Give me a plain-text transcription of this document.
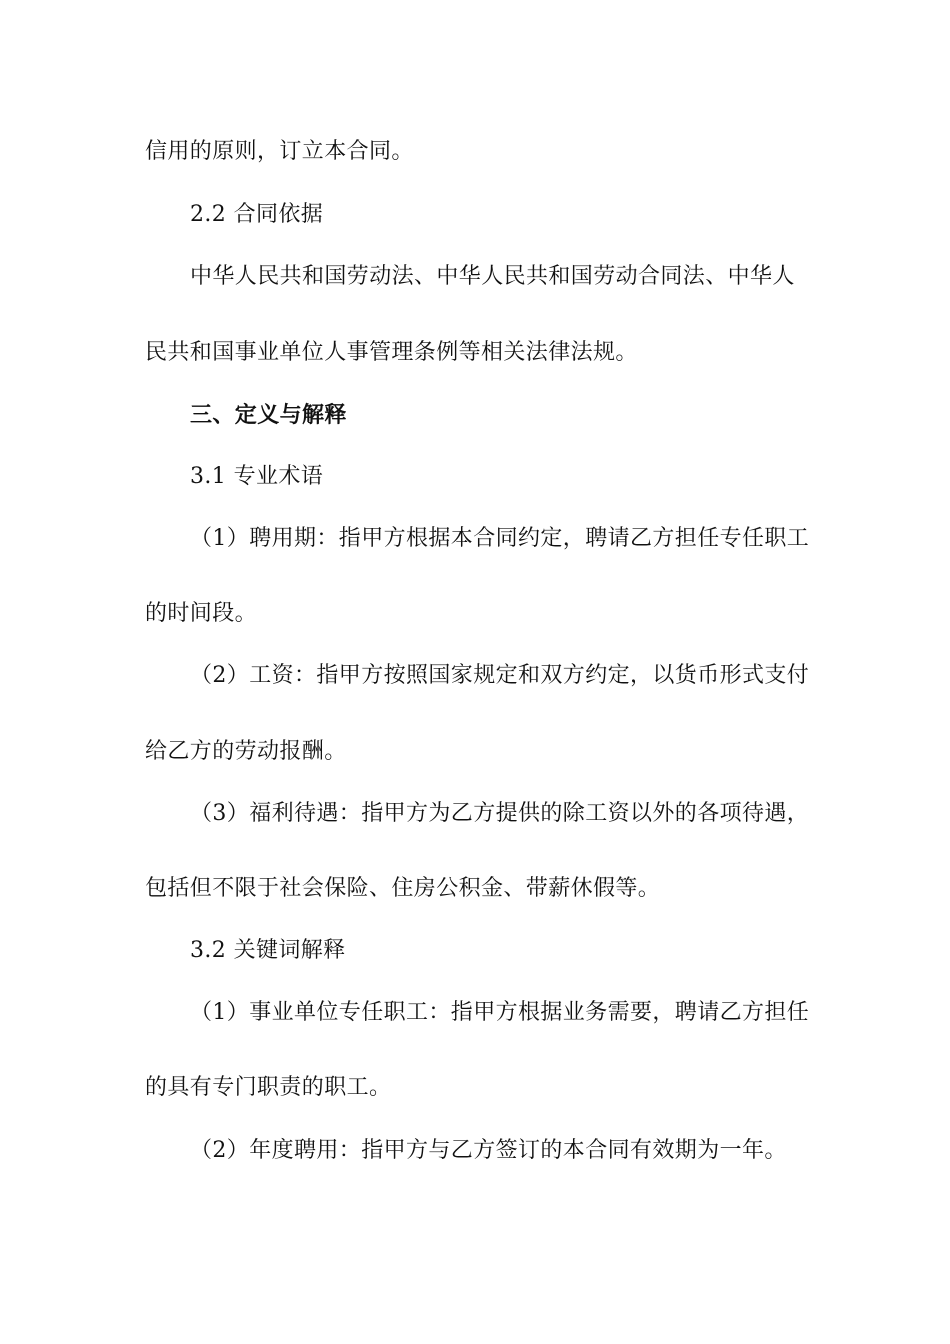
信用的原则，订立本合同。
2.2 合同依据
中华人民共和国劳动法、中华人民共和国劳动合同法、中华人
民共和国事业单位人事管理条例等相关法律法规。
三、定义与解释
3.1 专业术语
（1）聘用期：指甲方根据本合同约定，聘请乙方担任专任职工
的时间段。
（2）工资：指甲方按照国家规定和双方约定，以货币形式支付
给乙方的劳动报酬。
（3）福利待遇：指甲方为乙方提供的除工资以外的各项待遇，
包括但不限于社会保险、住房公积金、带薪休假等。
3.2 关键词解释
（1）事业单位专任职工：指甲方根据业务需要，聘请乙方担任
的具有专门职责的职工。
（2）年度聘用：指甲方与乙方签订的本合同有效期为一年。
